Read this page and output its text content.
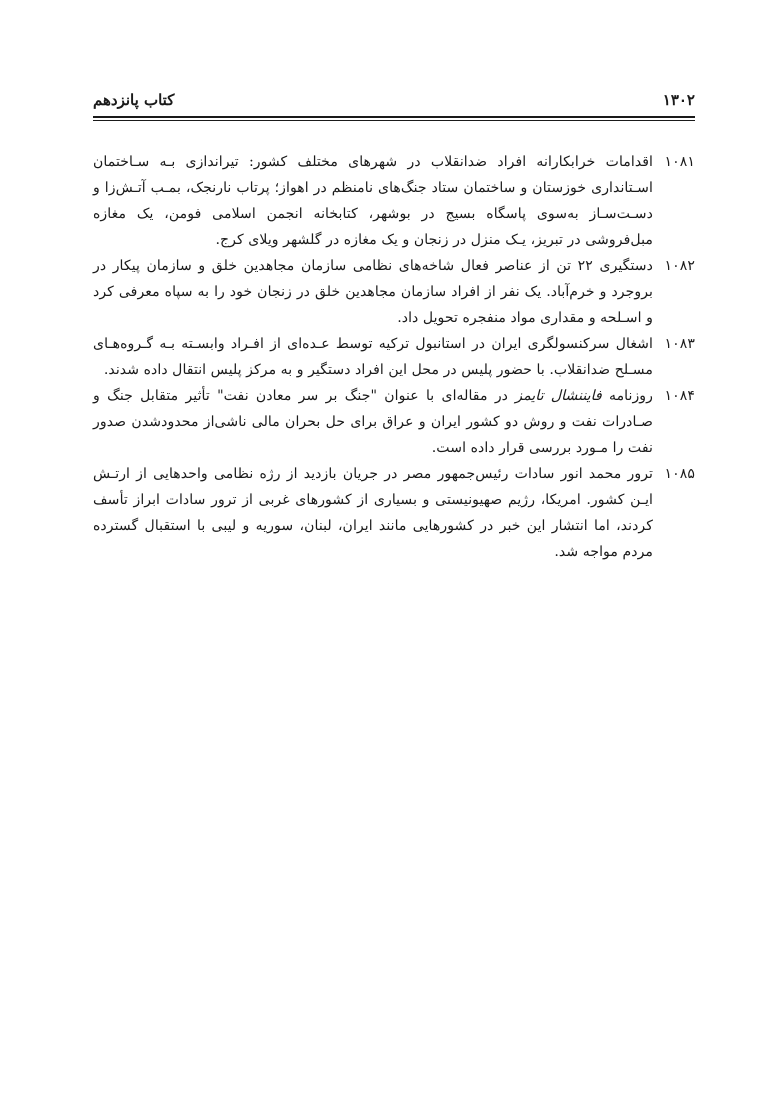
۱۳۰۲
کتاب پانزدهم
۱۰۸۱
اقدامات خرابکارانه افراد ضدانقلاب در شهرهای مختلف کشور: تیراندازی بـه سـاختمان اسـتانداری خوزستان و ساختمان ستاد جنگ‌های نامنظم در اهواز؛ پرتاب نارنجک، بمـب آتـش‌زا و دسـت‌سـاز به‌سوی پاسگاه بسیج در بوشهر، کتابخانه انجمن اسلامی فومن، یک مغازه مبل‌فروشی در تبریز، یـک منزل در زنجان و یک مغازه در گلشهر ویلای کرج.
۱۰۸۲
دستگیری ۲۲ تن از عناصر فعال شاخه‌های نظامی سازمان مجاهدین خلق و سازمان پیکار در بروجرد و خرم‌آباد. یک نفر از افراد سازمان مجاهدین خلق در زنجان خود را به سپاه معرفی کرد و اسـلحه و مقداری مواد منفجره تحویل داد.
۱۰۸۳
اشغال سرکنسولگری ایران در استانبول ترکیه توسط عـده‌ای از افـراد وابسـته بـه گـروه‌هـای مسـلح ضدانقلاب. با حضور پلیس در محل این افراد دستگیر و به مرکز پلیس انتقال داده شدند.
۱۰۸۴
روزنامه فایننشال تایمز در مقاله‌ای با عنوان "جنگ بر سر معادن نفت" تأثیر متقابل جنگ و صـادرات نفت و روش دو کشور ایران و عراق برای حل بحران مالی ناشی‌از محدودشدن صدور نفت را مـورد بررسی قرار داده است.
۱۰۸۵
ترور محمد انور سادات رئیس‌جمهور مصر در جریان بازدید از رژه نظامی واحدهایی از ارتـش ایـن کشور. امریکا، رژیم صهیونیستی و بسیاری از کشورهای غربی از ترور سادات ابراز تأسف کردند، اما انتشار این خبر در کشورهایی مانند ایران، لبنان، سوریه و لیبی با استقبال گسترده مردم مواجه شد.
